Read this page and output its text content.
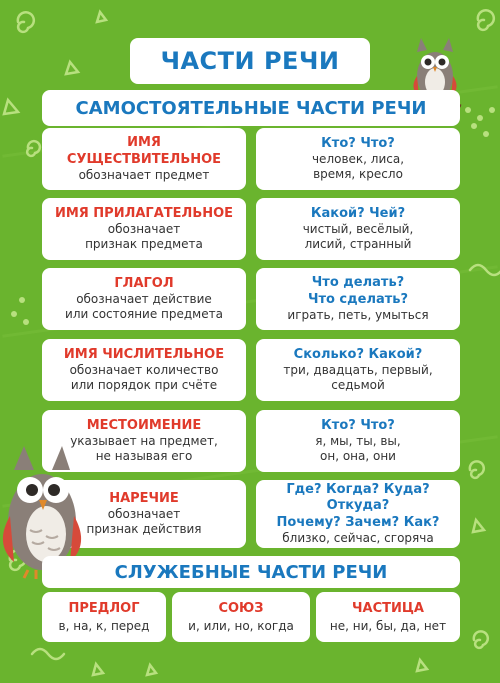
ЧАСТИ РЕЧИ
САМОСТОЯТЕЛЬНЫЕ ЧАСТИ РЕЧИ
ИМЯ
СУЩЕСТВИТЕЛЬНОЕ
обозначает предмет
Кто? Что?
человек, лиса,
время, кресло
ИМЯ ПРИЛАГАТЕЛЬНОЕ
обозначает
признак предмета
Какой? Чей?
чистый, весёлый,
лисий, странный
ГЛАГОЛ
обозначает действие
или состояние предмета
Что делать?
Что сделать?
играть, петь, умыться
ИМЯ ЧИСЛИТЕЛЬНОЕ
обозначает количество
или порядок при счёте
Сколько? Какой?
три, двадцать, первый,
седьмой
МЕСТОИМЕНИЕ
указывает на предмет,
не называя его
Кто? Что?
я, мы, ты, вы,
он, она, они
НАРЕЧИЕ
обозначает
признак действия
Где? Когда? Куда? Откуда?
Почему? Зачем? Как?
близко, сейчас, сгоряча
СЛУЖЕБНЫЕ ЧАСТИ РЕЧИ
ПРЕДЛОГ
в, на, к, перед
СОЮЗ
и, или, но, когда
ЧАСТИЦА
не, ни, бы, да, нет
